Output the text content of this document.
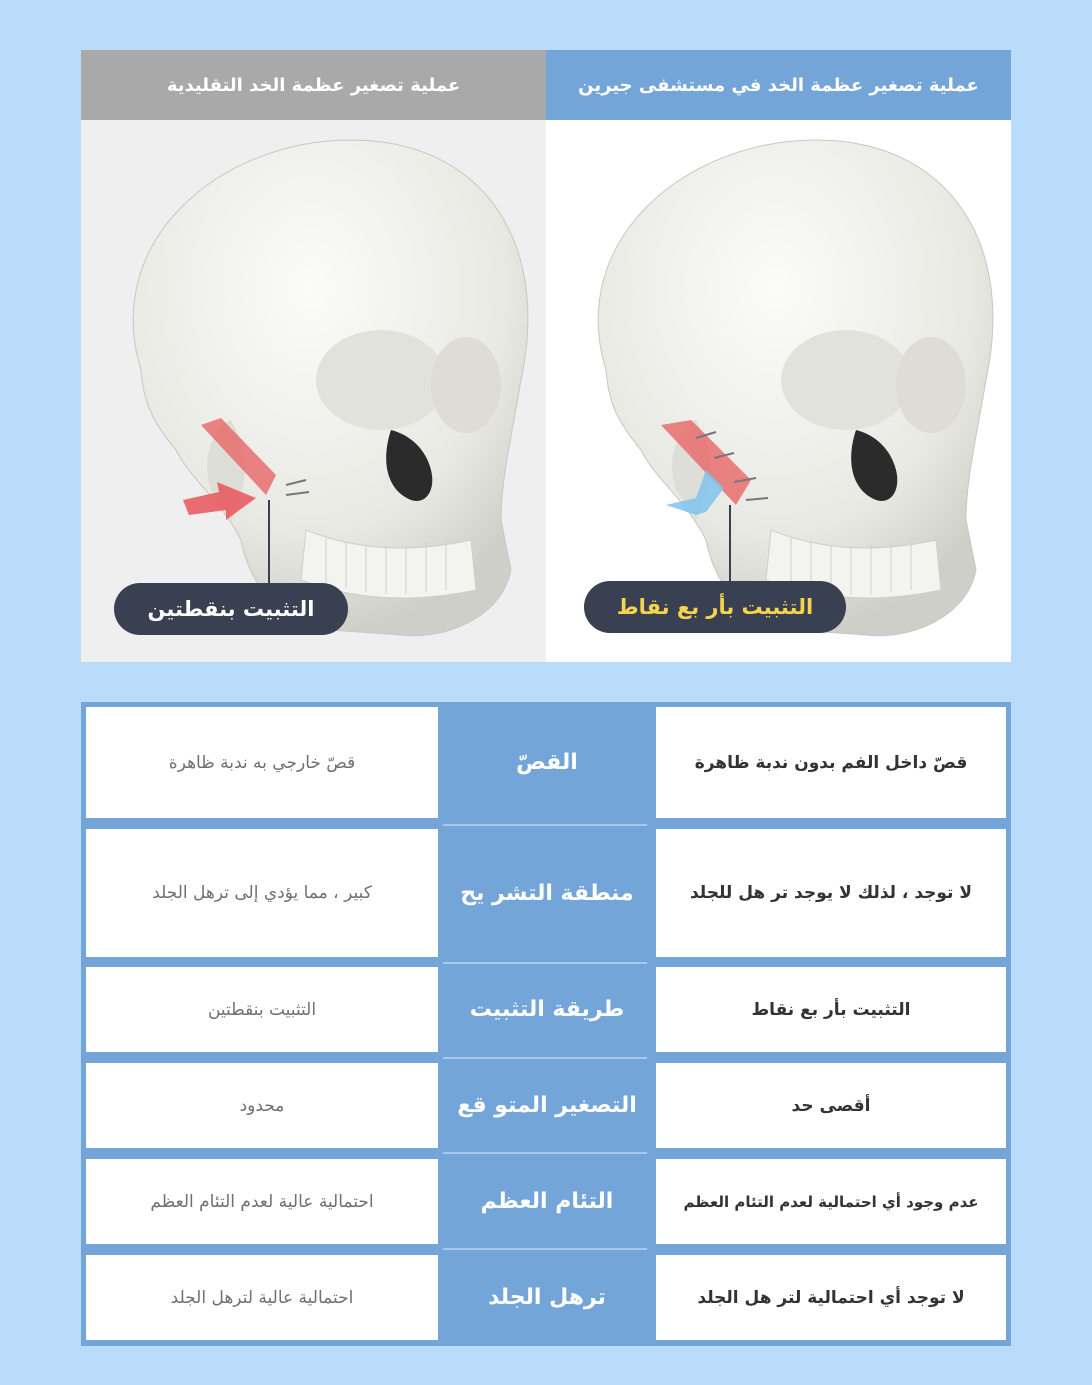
عملية تصغير عظمة الخد التقليدية
التثبيت بنقطتين
عملية تصغير عظمة الخد في مستشفى جيرين
التثبيت بأر بع نقاط
قصّ داخل الفم بدون ندبة ظاهرة
القصّ
قصّ خارجي به ندبة ظاهرة
لا توجد ، لذلك لا يوجد تر هل للجلد
منطقة التشر يح
كبير ، مما يؤدي إلى ترهل الجلد
التثبيت بأر بع نقاط
طريقة التثبيت
التثبيت بنقطتين
أقصى حد
التصغير المتو قع
محدود
عدم وجود أي احتمالية لعدم التئام العظم
التئام العظم
احتمالية عالية لعدم التئام العظم
لا توجد أي احتمالية لتر هل الجلد
ترهل الجلد
احتمالية عالية لترهل الجلد
